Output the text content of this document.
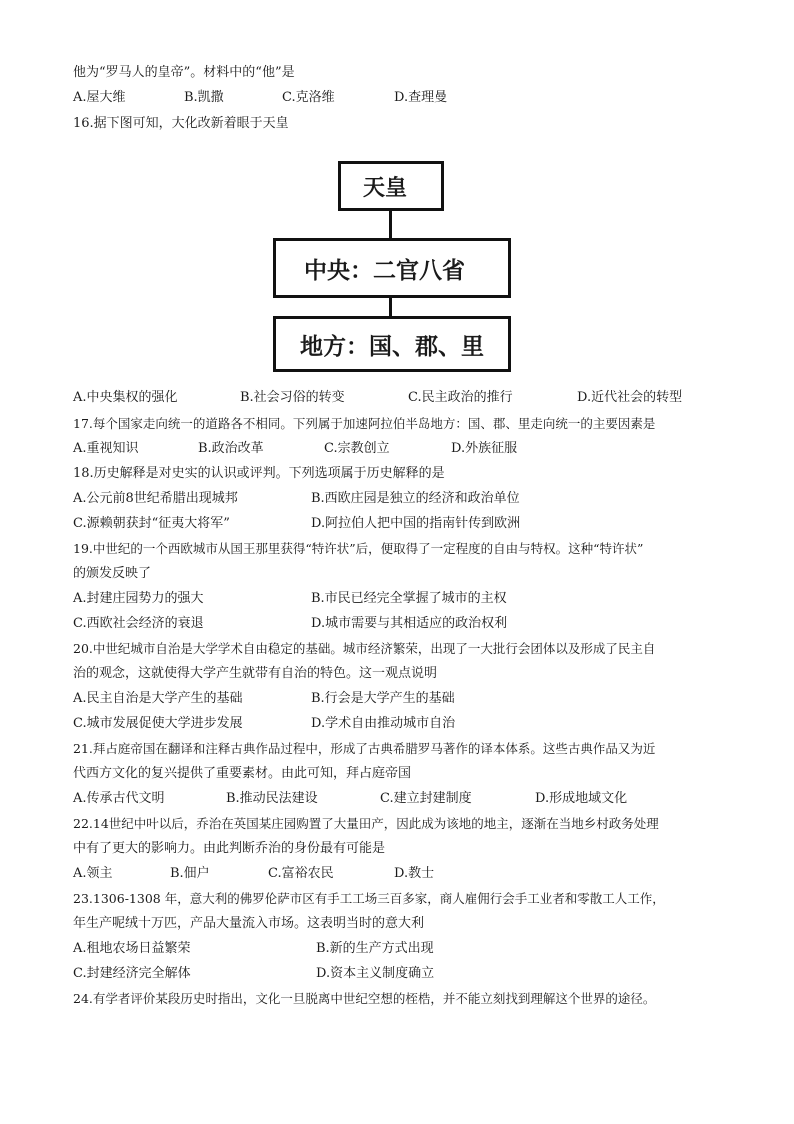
他为“罗马人的皇帝”。材料中的“他”是
A.屋大维	B.凯撒	C.克洛维	D.查理曼
16.据下图可知，大化改新着眼于天皇
天皇
中央：二官八省
地方：国、郡、里
A.中央集权的强化	B.社会习俗的转变	C.民主政治的推行	D.近代社会的转型
17.每个国家走向统一的道路各不相同。下列属于加速阿拉伯半岛地方：国、郡、里走向统一的主要因素是
A.重视知识	B.政治改革	C.宗教创立	D.外族征服
18.历史解释是对史实的认识或评判。下列选项属于历史解释的是
A.公元前8世纪希腊出现城邦	B.西欧庄园是独立的经济和政治单位
C.源赖朝获封“征夷大将军”	D.阿拉伯人把中国的指南针传到欧洲
19.中世纪的一个西欧城市从国王那里获得“特许状”后，便取得了一定程度的自由与特权。这种“特许状”
的颁发反映了
A.封建庄园势力的强大	B.市民已经完全掌握了城市的主权
C.西欧社会经济的衰退	D.城市需要与其相适应的政治权利
20.中世纪城市自治是大学学术自由稳定的基础。城市经济繁荣，出现了一大批行会团体以及形成了民主自
治的观念，这就使得大学产生就带有自治的特色。这一观点说明
A.民主自治是大学产生的基础	B.行会是大学产生的基础
C.城市发展促使大学进步发展	D.学术自由推动城市自治
21.拜占庭帝国在翻译和注释古典作品过程中，形成了古典希腊罗马著作的译本体系。这些古典作品又为近
代西方文化的复兴提供了重要素材。由此可知，拜占庭帝国
A.传承古代文明	B.推动民法建设	C.建立封建制度	D.形成地域文化
22.14世纪中叶以后，乔治在英国某庄园购置了大量田产，因此成为该地的地主，逐渐在当地乡村政务处理
中有了更大的影响力。由此判断乔治的身份最有可能是
A.领主	B.佃户	C.富裕农民	D.教士
23.1306-1308 年，意大利的佛罗伦萨市区有手工工场三百多家，商人雇佣行会手工业者和零散工人工作，
年生产呢绒十万匹，产品大量流入市场。这表明当时的意大利
A.租地农场日益繁荣	B.新的生产方式出现
C.封建经济完全解体	D.资本主义制度确立
24.有学者评价某段历史时指出，文化一旦脱离中世纪空想的桎梏，并不能立刻找到理解这个世界的途径。
